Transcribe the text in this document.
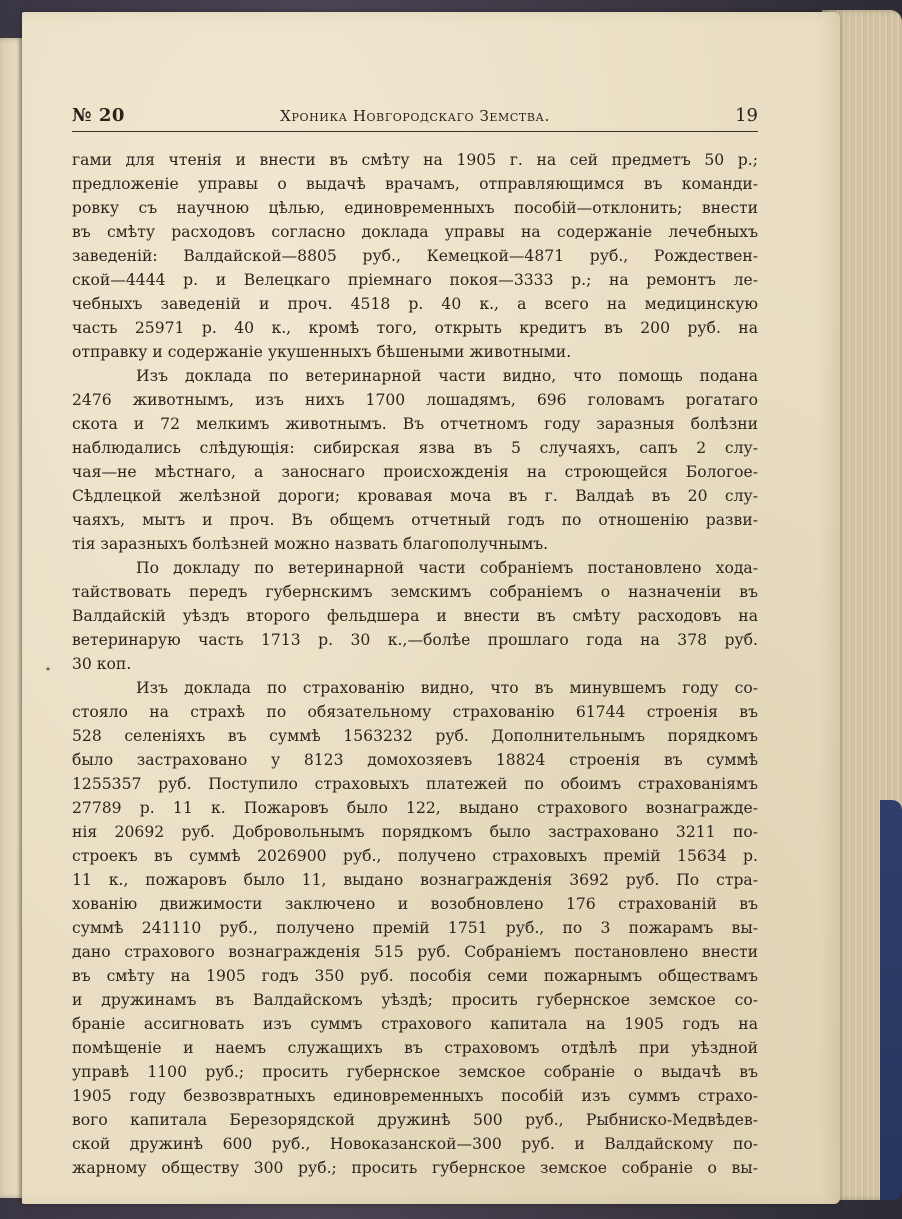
№ 20	Хроника Новгородскаго Земства.	19
٭
гами для чтенія и внести въ смѣту на 1905 г. на сей предметъ 50 р.;
предложеніе управы о выдачѣ врачамъ, отправляющимся въ команди-
ровку съ научною цѣлью, единовременныхъ пособій—отклонить; внести
въ смѣту расходовъ согласно доклада управы на содержаніе лечебныхъ
заведеній: Валдайской—8805 руб., Кемецкой—4871 руб., Рождествен-
ской—4444 р. и Велецкаго пріемнаго покоя—3333 р.; на ремонтъ ле-
чебныхъ заведеній и проч. 4518 р. 40 к., а всего на медицинскую
часть 25971 р. 40 к., кромѣ того, открыть кредитъ въ 200 руб. на
отправку и содержаніе укушенныхъ бѣшеными животными.
Изъ доклада по ветеринарной части видно, что помощь подана
2476 животнымъ, изъ нихъ 1700 лошадямъ, 696 головамъ рогатаго
скота и 72 мелкимъ животнымъ. Въ отчетномъ году заразныя болѣзни
наблюдались слѣдующія: сибирская язва въ 5 случаяхъ, сапъ 2 слу-
чая—не мѣстнаго, а заноснаго происхожденія на строющейся Бологое-
Сѣдлецкой желѣзной дороги; кровавая моча въ г. Валдаѣ въ 20 слу-
чаяхъ, мытъ и проч. Въ общемъ отчетный годъ по отношенію разви-
тія заразныхъ болѣзней можно назвать благополучнымъ.
По докладу по ветеринарной части собраніемъ постановлено хода-
тайствовать передъ губернскимъ земскимъ собраніемъ о назначеніи въ
Валдайскій уѣздъ второго фельдшера и внести въ смѣту расходовъ на
ветеринарую часть 1713 р. 30 к.,—болѣе прошлаго года на 378 руб.
30 коп.
Изъ доклада по страхованію видно, что въ минувшемъ году со-
стояло на страхѣ по обязательному страхованію 61744 строенія въ
528 селеніяхъ въ суммѣ 1563232 руб. Дополнительнымъ порядкомъ
было застраховано у 8123 домохозяевъ 18824 строенія въ суммѣ
1255357 руб. Поступило страховыхъ платежей по обоимъ страхованіямъ
27789 р. 11 к. Пожаровъ было 122, выдано страхового вознагражде-
нія 20692 руб. Добровольнымъ порядкомъ было застраховано 3211 по-
строекъ въ суммѣ 2026900 руб., получено страховыхъ премій 15634 р.
11 к., пожаровъ было 11, выдано вознагражденія 3692 руб. По стра-
хованію движимости заключено и возобновлено 176 страхованій въ
суммѣ 241110 руб., получено премій 1751 руб., по 3 пожарамъ вы-
дано страхового вознагражденія 515 руб. Собраніемъ постановлено внести
въ смѣту на 1905 годъ 350 руб. пособія семи пожарнымъ обществамъ
и дружинамъ въ Валдайскомъ уѣздѣ; просить губернское земское со-
браніе ассигновать изъ суммъ страхового капитала на 1905 годъ на
помѣщеніе и наемъ служащихъ въ страховомъ отдѣлѣ при уѣздной
управѣ 1100 руб.; просить губернское земское собраніе о выдачѣ въ
1905 году безвозвратныхъ единовременныхъ пособій изъ суммъ страхо-
вого капитала Березорядской дружинѣ 500 руб., Рыбниско-Медвѣдев-
ской дружинѣ 600 руб., Новоказанской—300 руб. и Валдайскому по-
жарному обществу 300 руб.; просить губернское земское собраніе о вы-
